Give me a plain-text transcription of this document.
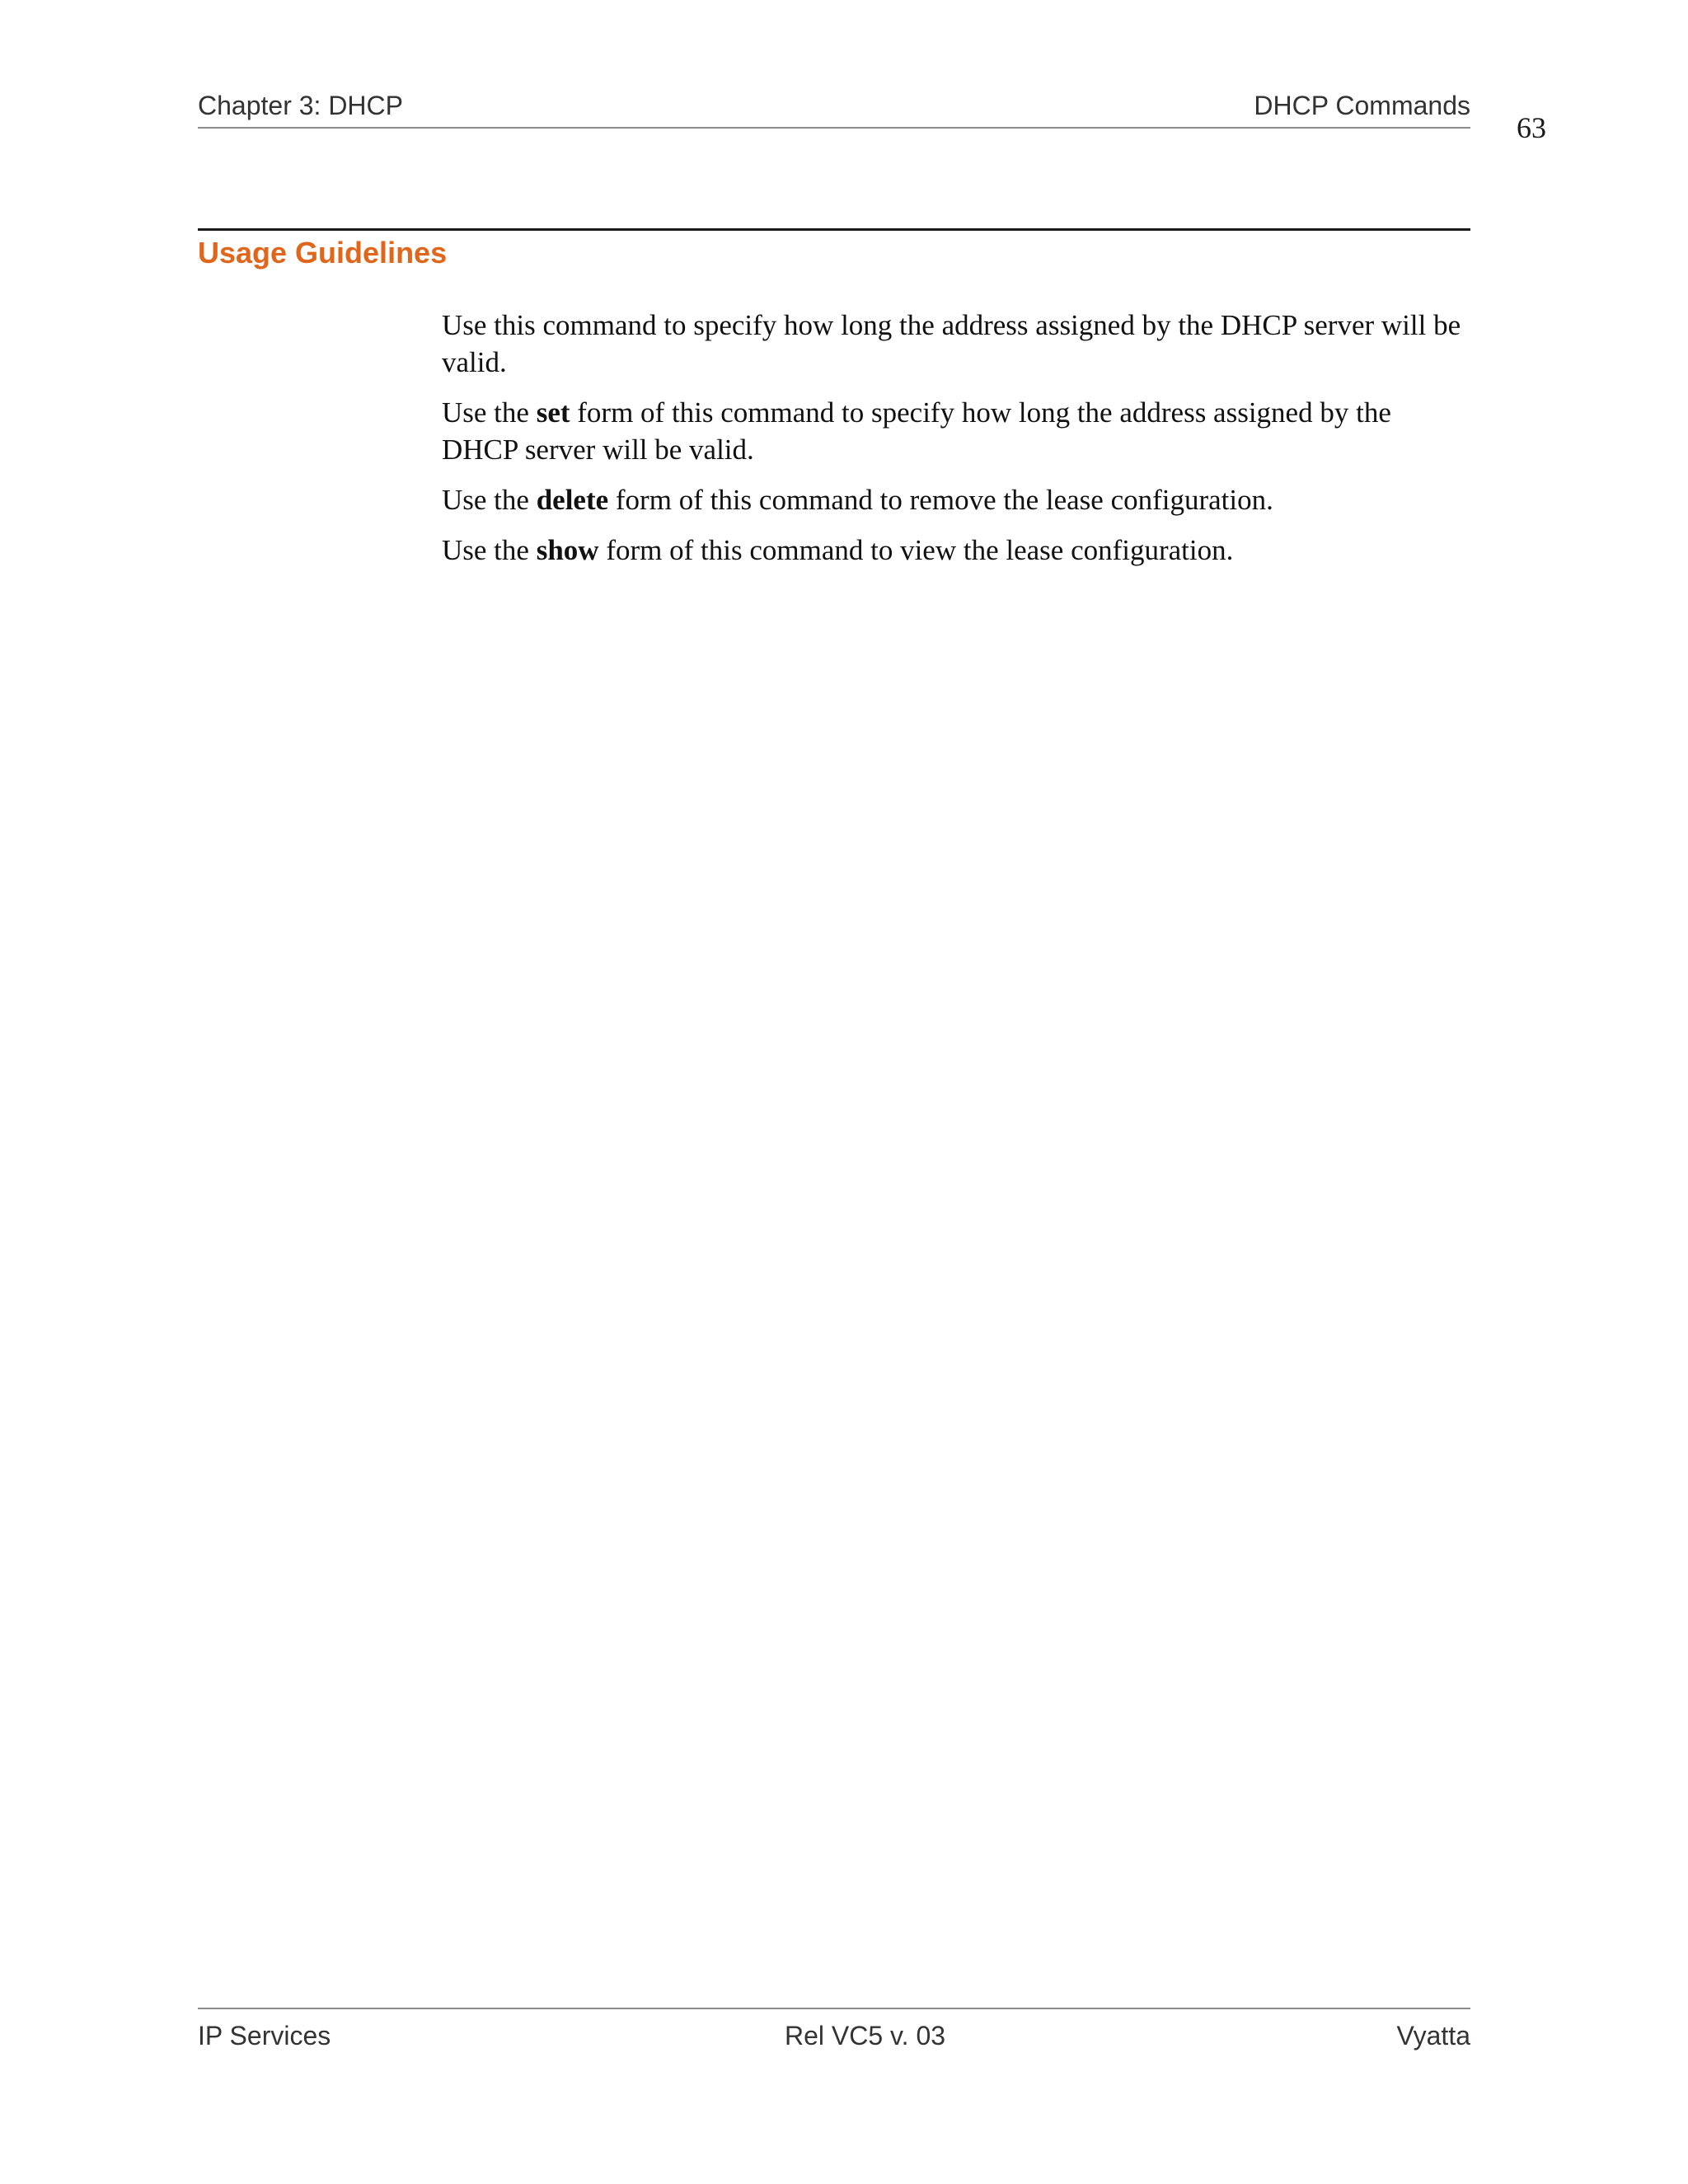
Chapter 3: DHCP	DHCP Commands
63
Usage Guidelines

Use this command to specify how long the address assigned by the DHCP server will be valid.

Use the set form of this command to specify how long the address assigned by the DHCP server will be valid.

Use the delete form of this command to remove the lease configuration.

Use the show form of this command to view the lease configuration.

IP Services	Rel VC5 v. 03	Vyatta
